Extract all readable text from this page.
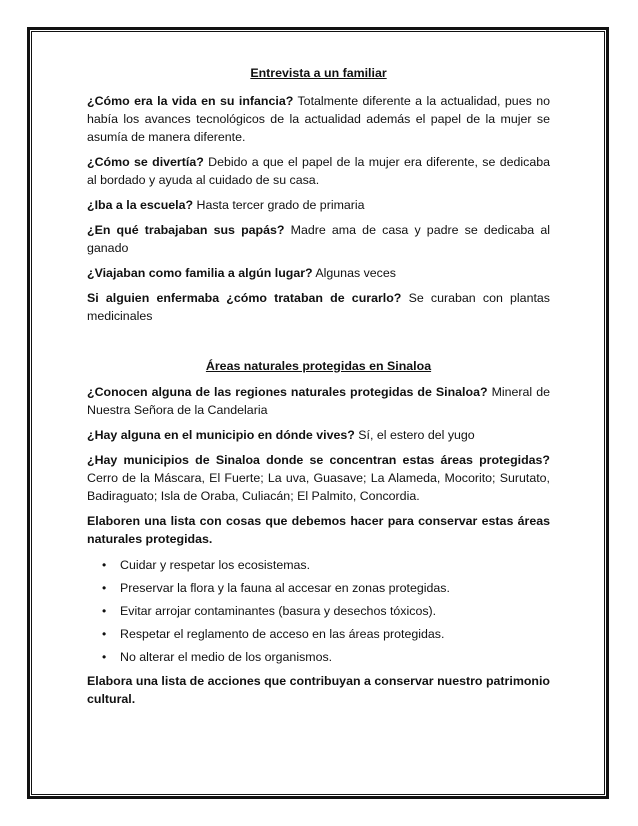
Entrevista a un familiar

¿Cómo era la vida en su infancia? Totalmente diferente a la actualidad, pues no había los avances tecnológicos de la actualidad además el papel de la mujer se asumía de manera diferente.

¿Cómo se divertía? Debido a que el papel de la mujer era diferente, se dedicaba al bordado y ayuda al cuidado de su casa.

¿Iba a la escuela? Hasta tercer grado de primaria

¿En qué trabajaban sus papás? Madre ama de casa y padre se dedicaba al ganado

¿Viajaban como familia a algún lugar? Algunas veces

Si alguien enfermaba ¿cómo trataban de curarlo? Se curaban con plantas medicinales

Áreas naturales protegidas en Sinaloa

¿Conocen alguna de las regiones naturales protegidas de Sinaloa? Mineral de Nuestra Señora de la Candelaria

¿Hay alguna en el municipio en dónde vives? Sí, el estero del yugo

¿Hay municipios de Sinaloa donde se concentran estas áreas protegidas? Cerro de la Máscara, El Fuerte; La uva, Guasave; La Alameda, Mocorito; Surutato, Badiraguato; Isla de Oraba, Culiacán; El Palmito, Concordia.

Elaboren una lista con cosas que debemos hacer para conservar estas áreas naturales protegidas.

• Cuidar y respetar los ecosistemas.
• Preservar la flora y la fauna al accesar en zonas protegidas.
• Evitar arrojar contaminantes (basura y desechos tóxicos).
• Respetar el reglamento de acceso en las áreas protegidas.
• No alterar el medio de los organismos.

Elabora una lista de acciones que contribuyan a conservar nuestro patrimonio cultural.
